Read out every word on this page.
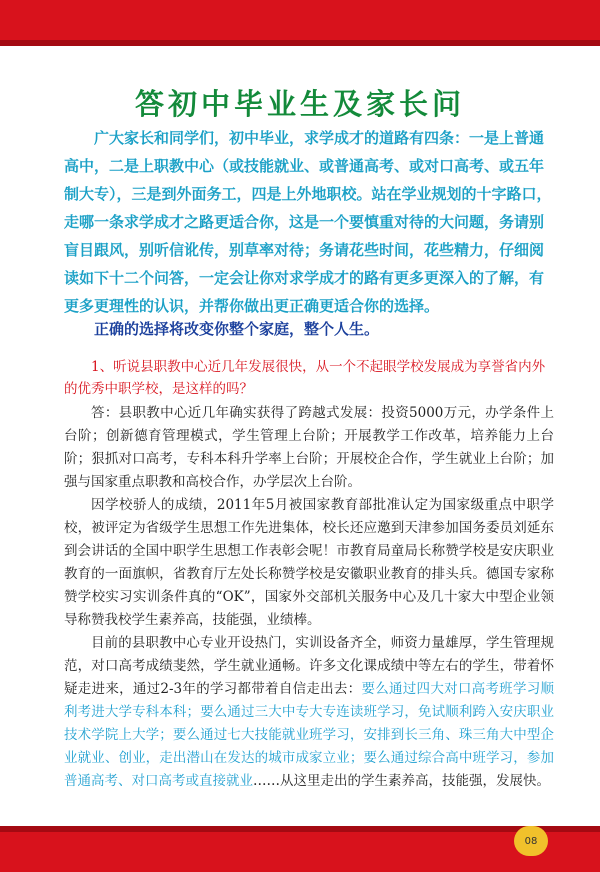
答初中毕业生及家长问

广大家长和同学们，初中毕业，求学成才的道路有四条：一是上普通高中，二是上职教中心（或技能就业、或普通高考、或对口高考、或五年制大专），三是到外面务工，四是上外地职校。站在学业规划的十字路口，走哪一条求学成才之路更适合你，这是一个要慎重对待的大问题，务请别盲目跟风，别听信讹传，别草率对待；务请花些时间，花些精力，仔细阅读如下十二个问答，一定会让你对求学成才的路有更多更深入的了解，有更多更理性的认识，并帮你做出更正确更适合你的选择。

正确的选择将改变你整个家庭，整个人生。

1、听说县职教中心近几年发展很快，从一个不起眼学校发展成为享誉省内外的优秀中职学校，是这样的吗？

答：县职教中心近几年确实获得了跨越式发展：投资5000万元，办学条件上台阶；创新德育管理模式，学生管理上台阶；开展教学工作改革，培养能力上台阶；狠抓对口高考，专科本科升学率上台阶；开展校企合作，学生就业上台阶；加强与国家重点职教和高校合作，办学层次上台阶。

因学校骄人的成绩，2011年5月被国家教育部批准认定为国家级重点中职学校，被评定为省级学生思想工作先进集体，校长还应邀到天津参加国务委员刘延东到会讲话的全国中职学生思想工作表彰会呢！市教育局童局长称赞学校是安庆职业教育的一面旗帜，省教育厅左处长称赞学校是安徽职业教育的排头兵。德国专家称赞学校实习实训条件真的“OK”，国家外交部机关服务中心及几十家大中型企业领导称赞我校学生素养高，技能强，业绩棒。

目前的县职教中心专业开设热门，实训设备齐全，师资力量雄厚，学生管理规范，对口高考成绩斐然，学生就业通畅。许多文化课成绩中等左右的学生，带着怀疑走进来，通过2-3年的学习都带着自信走出去：要么通过四大对口高考班学习顺利考进大学专科本科；要么通过三大中专大专连读班学习，免试顺利跨入安庆职业技术学院上大学；要么通过七大技能就业班学习，安排到长三角、珠三角大中型企业就业、创业，走出潜山在发达的城市成家立业；要么通过综合高中班学习，参加普通高考、对口高考或直接就业……从这里走出的学生素养高，技能强，发展快。

08
